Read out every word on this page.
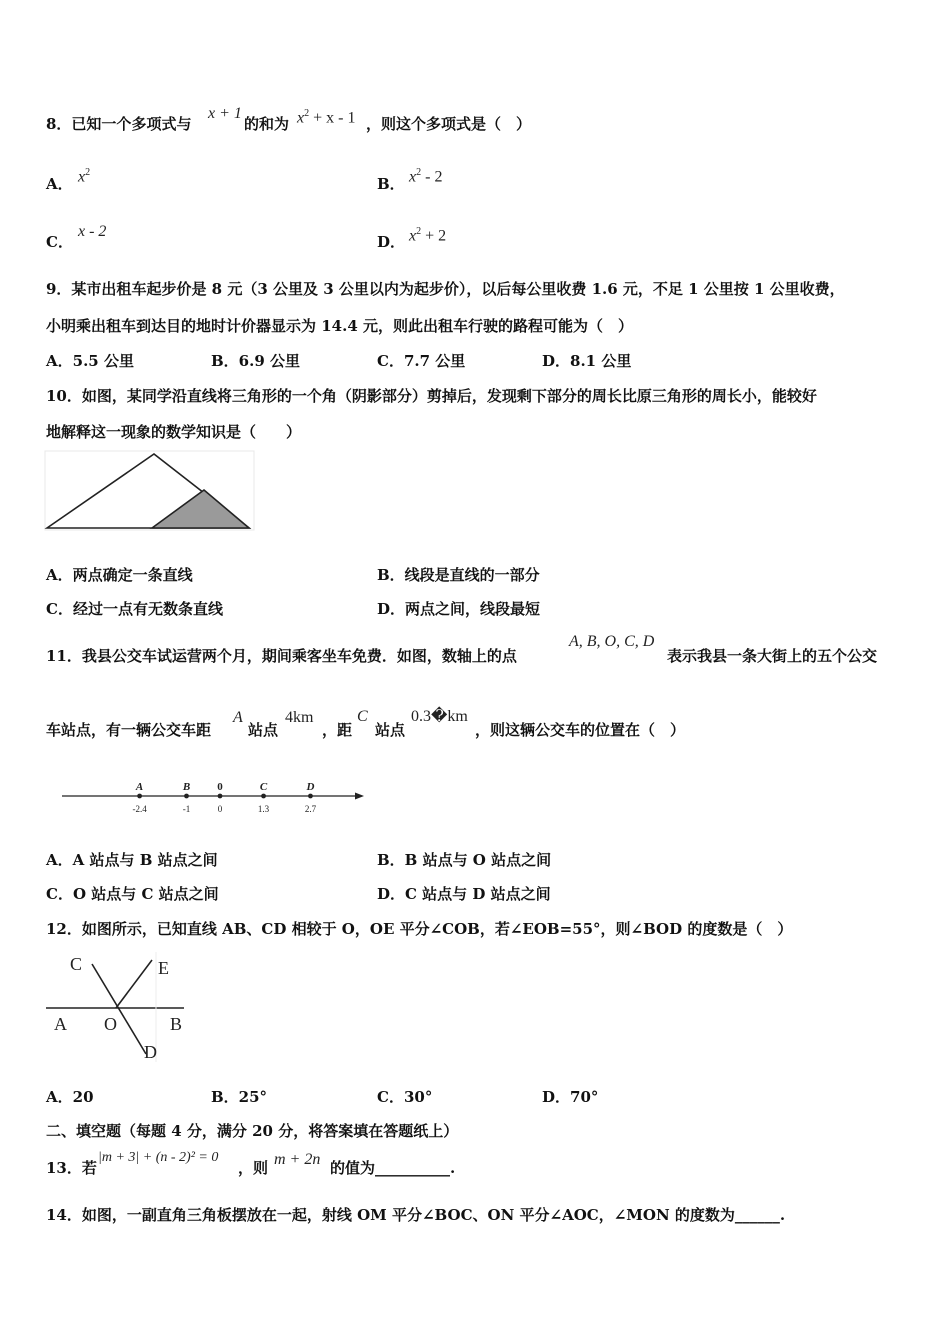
8．已知一个多项式与
x + 1
的和为 $x^2 + x - 1$ ，则这个多项式是（　）
A． $x^2$
B． $x^2 - 2$
C．
x - 2
D． $x^2 + 2$
9．某市出租车起步价是 8 元（3 公里及 3 公里以内为起步价），以后每公里收费 1.6 元，不足 1 公里按 1 公里收费，
小明乘出租车到达目的地时计价器显示为 14.4 元，则此出租车行驶的路程可能为（　）
A．5.5 公里	B．6.9 公里	C．7.7 公里	D．8.1 公里
10．如图，某同学沿直线将三角形的一个角（阴影部分）剪掉后，发现剩下部分的周长比原三角形的周长小，能较好
地解释这一现象的数学知识是（　　）
A．两点确定一条直线	B．线段是直线的一部分
C．经过一点有无数条直线	D．两点之间，线段最短
11．我县公交车试运营两个月，期间乘客坐车免费．如图，数轴上的点
A, B, O, C, D
表示我县一条大街上的五个公交
车站点，有一辆公交车距
A
站点
4km
，距
C
站点
0.3�km
，则这辆公交车的位置在（　）
A
-2.4
B
-1
0
0
C
1.3
D
2.7
A．A 站点与 B 站点之间	B．B 站点与 O 站点之间
C．O 站点与 C 站点之间	D．C 站点与 D 站点之间
12．如图所示，已知直线 AB、CD 相较于 O，OE 平分∠COB，若∠EOB=55°，则∠BOD 的度数是（　）
C	E
A O	B
D
A．20	B．25°	C．30°	D．70°
二、填空题（每题 4 分，满分 20 分，将答案填在答题纸上）
13．若
|m + 3| + (n - 2)² = 0
，则 m + 2n 的值为__________.
14．如图，一副直角三角板摆放在一起，射线 OM 平分∠BOC、ON 平分∠AOC，∠MON 的度数为______.
